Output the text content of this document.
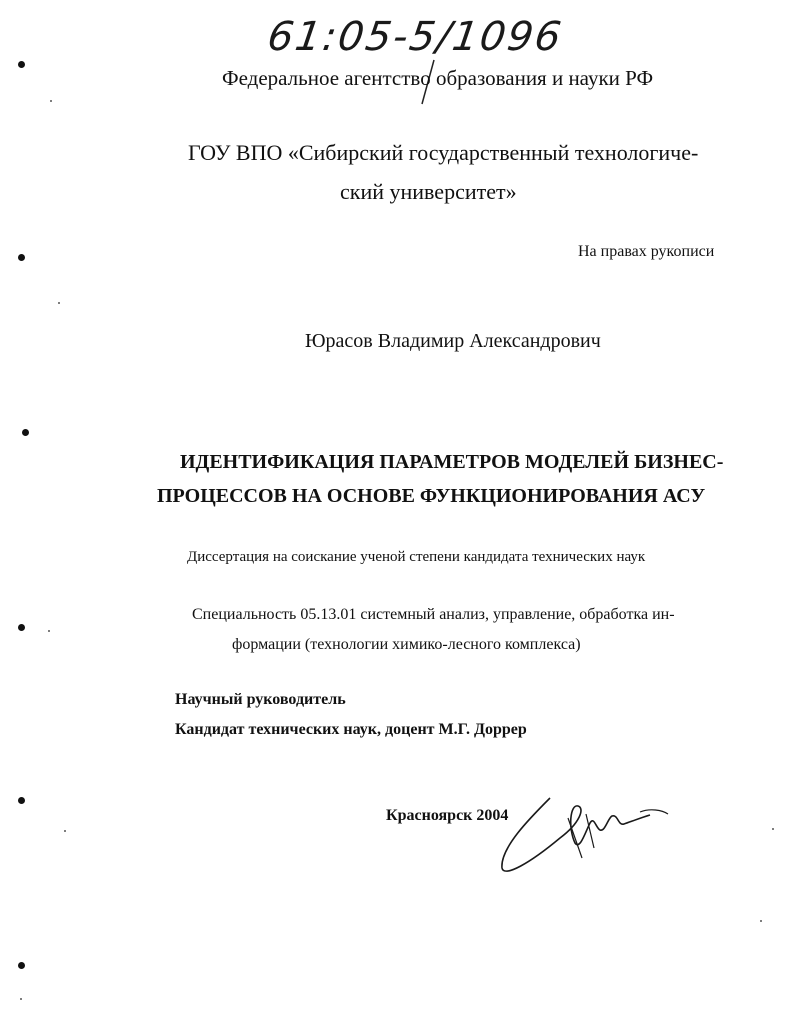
61:05-5/1096
Федеральное агентство образования и науки РФ
ГОУ ВПО «Сибирский государственный технологиче-
ский университет»
На правах рукописи
Юрасов Владимир Александрович
ИДЕНТИФИКАЦИЯ ПАРАМЕТРОВ МОДЕЛЕЙ БИЗНЕС-
ПРОЦЕССОВ НА ОСНОВЕ ФУНКЦИОНИРОВАНИЯ АСУ
Диссертация на соискание ученой степени кандидата технических наук
Специальность 05.13.01 системный анализ, управление, обработка ин-
формации (технологии химико-лесного комплекса)
Научный руководитель
Кандидат технических наук, доцент М.Г. Доррер
Красноярск 2004
